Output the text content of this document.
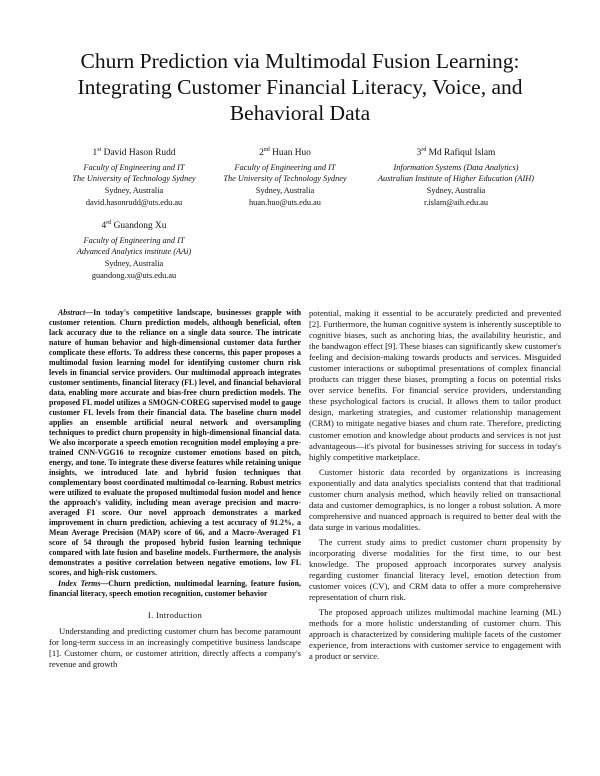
Churn Prediction via Multimodal Fusion Learning:
Integrating Customer Financial Literacy, Voice, and
Behavioral Data
1st David Hason Rudd
Faculty of Engineering and IT
The University of Technology Sydney
Sydney, Australia
david.hasonrudd@uts.edu.au
2nd Huan Huo
Faculty of Engineering and IT
The University of Technology Sydney
Sydney, Australia
huan.huo@uts.edu.au
3rd Md Rafiqul Islam
Information Systems (Data Analytics)
Australian Institute of Higher Education (AIH)
Sydney, Australia
r.islam@aih.edu.au
4rd Guandong Xu
Faculty of Engineering and IT
Advanced Analytics institute (AAi)
Sydney, Australia
guandong.xu@uts.edu.au

Abstract—In today's competitive landscape, businesses grapple with customer retention. Churn prediction models, although beneficial, often lack accuracy due to the reliance on a single data source. The intricate nature of human behavior and high-dimensional customer data further complicate these efforts. To address these concerns, this paper proposes a multimodal fusion learning model for identifying customer churn risk levels in financial service providers. Our multimodal approach integrates customer sentiments, financial literacy (FL) level, and financial behavioral data, enabling more accurate and bias-free churn prediction models. The proposed FL model utilizes a SMOGN-COREG supervised model to gauge customer FL levels from their financial data. The baseline churn model applies an ensemble artificial neural network and oversampling techniques to predict churn propensity in high-dimensional financial data. We also incorporate a speech emotion recognition model employing a pre-trained CNN-VGG16 to recognize customer emotions based on pitch, energy, and tone. To integrate these diverse features while retaining unique insights, we introduced late and hybrid fusion techniques that complementary boost coordinated multimodal co-learning. Robust metrics were utilized to evaluate the proposed multimodal fusion model and hence the approach's validity, including mean average precision and macro-averaged F1 score. Our novel approach demonstrates a marked improvement in churn prediction, achieving a test accuracy of 91.2%, a Mean Average Precision (MAP) score of 66, and a Macro-Averaged F1 score of 54 through the proposed hybrid fusion learning technique compared with late fusion and baseline models. Furthermore, the analysis demonstrates a positive correlation between negative emotions, low FL scores, and high-risk customers.

Index Terms—Churn prediction, multimodal learning, feature fusion, financial literacy, speech emotion recognition, customer behavior

I. Introduction

Understanding and predicting customer churn has become paramount for long-term success in an increasingly competitive business landscape [1]. Customer churn, or customer attrition, directly affects a company's revenue and growth

potential, making it essential to be accurately predicted and prevented [2]. Furthermore, the human cognitive system is inherently susceptible to cognitive biases, such as anchoring bias, the availability heuristic, and the bandwagon effect [9]. These biases can significantly skew customer's feeling and decision-making towards products and services. Misguided customer interactions or suboptimal presentations of complex financial products can trigger these biases, prompting a focus on potential risks over service benefits. For financial service providers, understanding these psychological factors is crucial. It allows them to tailor product design, marketing strategies, and customer relationship management (CRM) to mitigate negative biases and churn rate. Therefore, predicting customer emotion and knowledge about products and services is not just advantageous—it's pivotal for businesses striving for success in today's highly competitive marketplace.

Customer historic data recorded by organizations is increasing exponentially and data analytics specialists contend that that traditional customer churn analysis method, which heavily relied on transactional data and customer demographics, is no longer a robust solution. A more comprehensive and nuanced approach is required to better deal with the data surge in various modalities.

The current study aims to predict customer churn propensity by incorporating diverse modalities for the first time, to our best knowledge. The proposed approach incorporates survey analysis regarding customer financial literacy level, emotion detection from customer voices (CV), and CRM data to offer a more comprehensive representation of churn risk.

The proposed approach utilizes multimodal machine learning (ML) methods for a more holistic understanding of customer churn. This approach is characterized by considering multiple facets of the customer experience, from interactions with customer service to engagement with a product or service.
